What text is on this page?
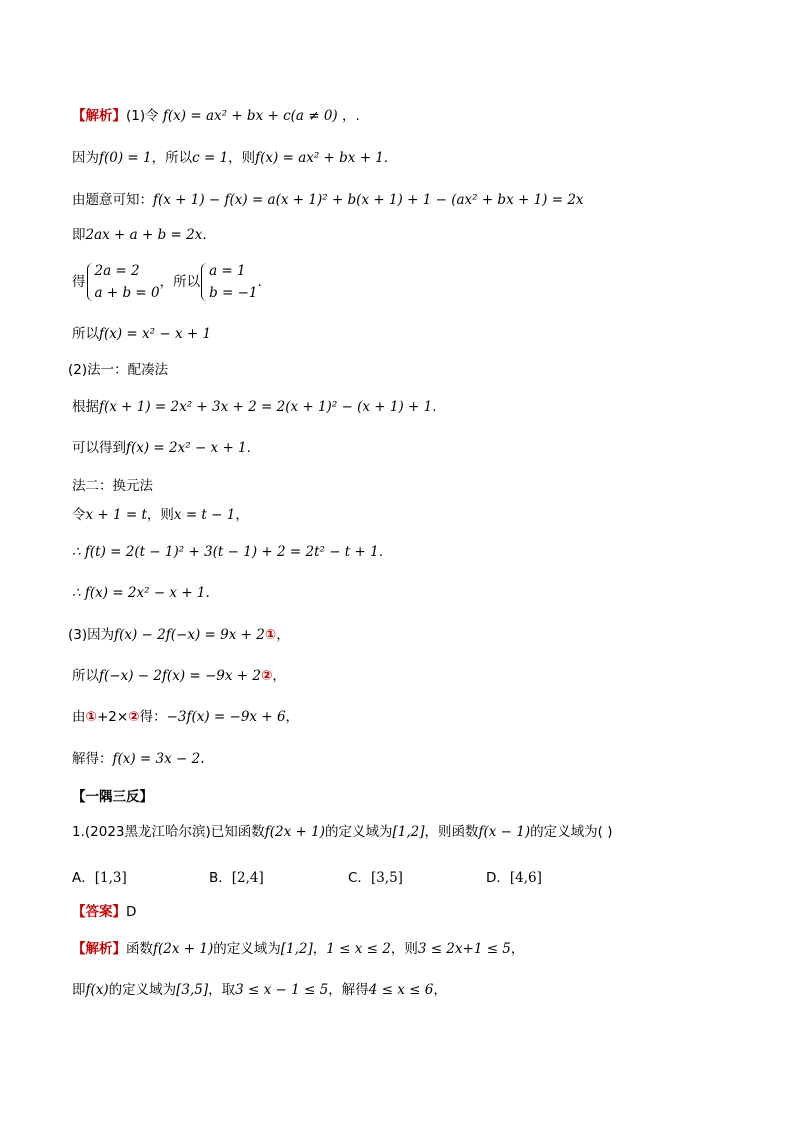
【解析】(1)令 f(x) = ax² + bx + c(a ≠ 0) ，.
因为f(0) = 1，所以c = 1，则f(x) = ax² + bx + 1.
由题意可知：f(x + 1) − f(x) = a(x + 1)² + b(x + 1) + 1 − (ax² + bx + 1) = 2x
即2ax + a + b = 2x.
得
2a = 2
a + b = 0
，所以
a = 1
b = −1
.
所以f(x) = x² − x + 1
(2)法一：配凑法
根据f(x + 1) = 2x² + 3x + 2 = 2(x + 1)² − (x + 1) + 1.
可以得到f(x) = 2x² − x + 1.
法二：换元法
令x + 1 = t，则x = t − 1，
∴ f(t) = 2(t − 1)² + 3(t − 1) + 2 = 2t² − t + 1.
∴ f(x) = 2x² − x + 1.
(3)因为f(x) − 2f(−x) = 9x + 2①，
所以f(−x) − 2f(x) = −9x + 2②，
由①+2×②得：−3f(x) = −9x + 6，
解得：f(x) = 3x − 2.
【一隅三反】
1.(2023黑龙江哈尔滨)已知函数f(2x + 1)的定义域为[1,2]，则函数f(x − 1)的定义域为( )
A．[1,3]	B．[2,4]	C．[3,5]	D．[4,6]
【答案】D
【解析】函数f(2x + 1)的定义域为[1,2]，1 ≤ x ≤ 2，则3 ≤ 2x+1 ≤ 5，
即f(x)的定义域为[3,5]，取3 ≤ x − 1 ≤ 5，解得4 ≤ x ≤ 6，
